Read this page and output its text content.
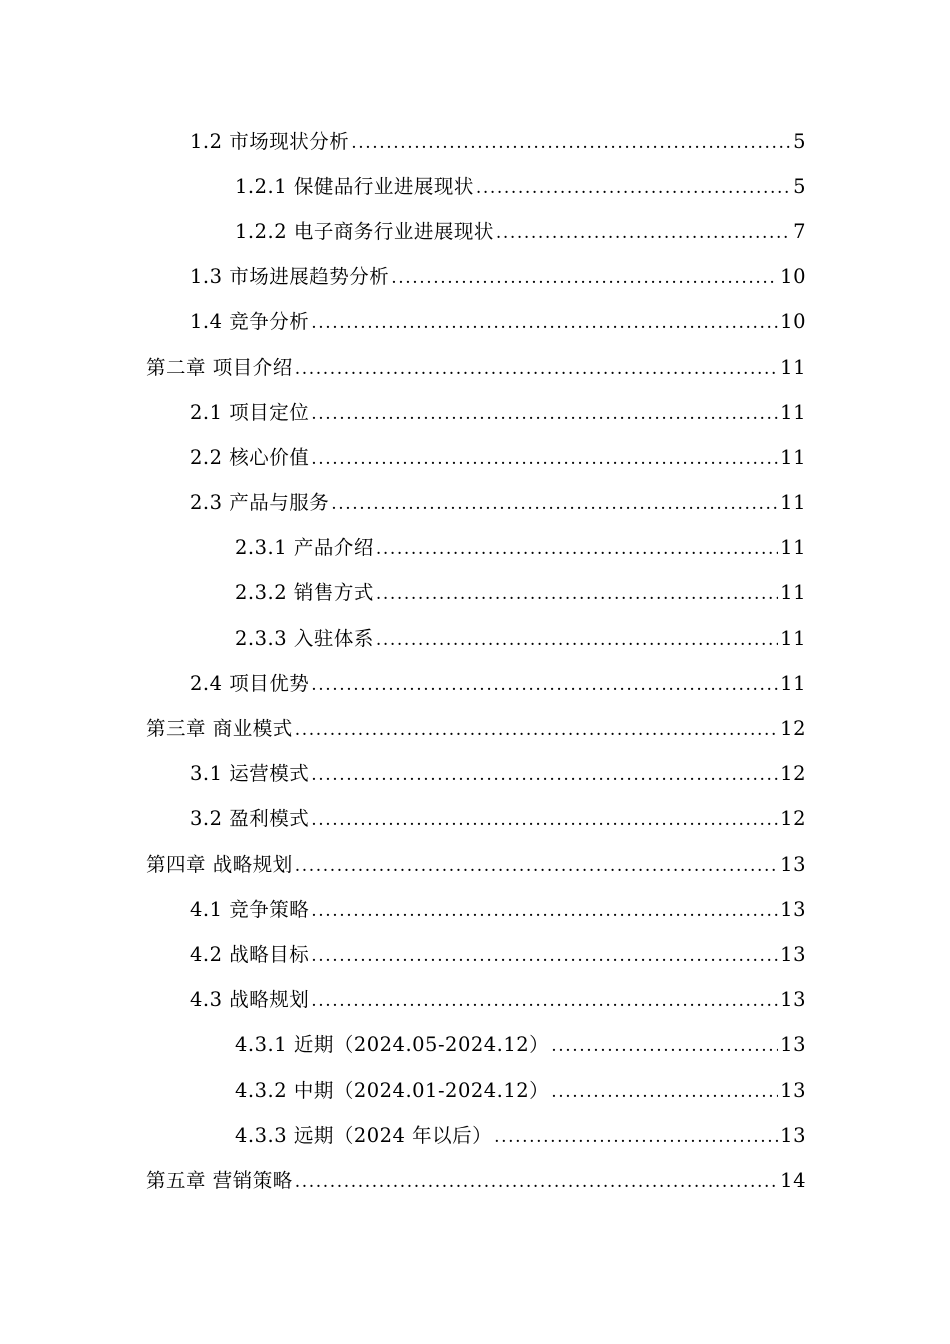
1.2 市场现状分析 .....	5
1.2.1 保健品行业进展现状 .....	5
1.2.2 电子商务行业进展现状 .....	7
1.3 市场进展趋势分析 .....	10
1.4 竞争分析 .....	10
第二章 项目介绍 .....	11
2.1 项目定位 .....	11
2.2 核心价值 .....	11
2.3 产品与服务 .....	11
2.3.1 产品介绍 .....	11
2.3.2 销售方式 .....	11
2.3.3 入驻体系 .....	11
2.4 项目优势 .....	11
第三章 商业模式 .....	12
3.1 运营模式 .....	12
3.2 盈利模式 .....	12
第四章 战略规划 .....	13
4.1 竞争策略 .....	13
4.2 战略目标 .....	13
4.3 战略规划 .....	13
4.3.1 近期（2024.05-2024.12） .....	13
4.3.2 中期（2024.01-2024.12） .....	13
4.3.3 远期（2024 年以后） .....	13
第五章 营销策略 .....	14
